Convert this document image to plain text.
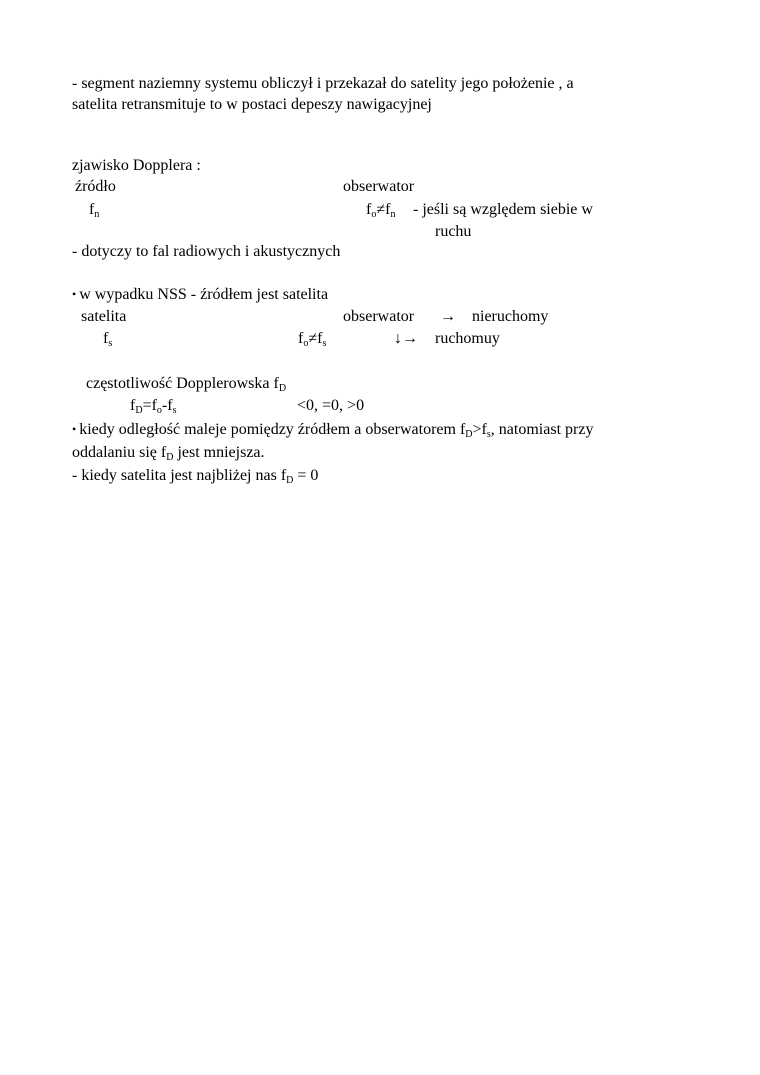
- segment naziemny systemu obliczył i przekazał do satelity jego położenie , a
satelita retransmituje to w postaci depeszy nawigacyjnej
zjawisko Dopplera :
źródło	obserwator
$f_n$	$f_o\ne f_n$ - jeśli są względem siebie w
ruchu
- dotyczy to fal radiowych i akustycznych
• w wypadku NSS - źródłem jest satelita
satelita	obserwator → nieruchomy
$f_s$	$f_o\ne f_s$	↓→ ruchomuy
częstotliwość Dopplerowska $f_D$
$f_D=f_o-f_s$	<0, =0, >0
• kiedy odległość maleje pomiędzy źródłem a obserwatorem $f_D>f_s$, natomiast przy
oddalaniu się $f_D$ jest mniejsza.
- kiedy satelita jest najbliżej nas $f_D = 0$
